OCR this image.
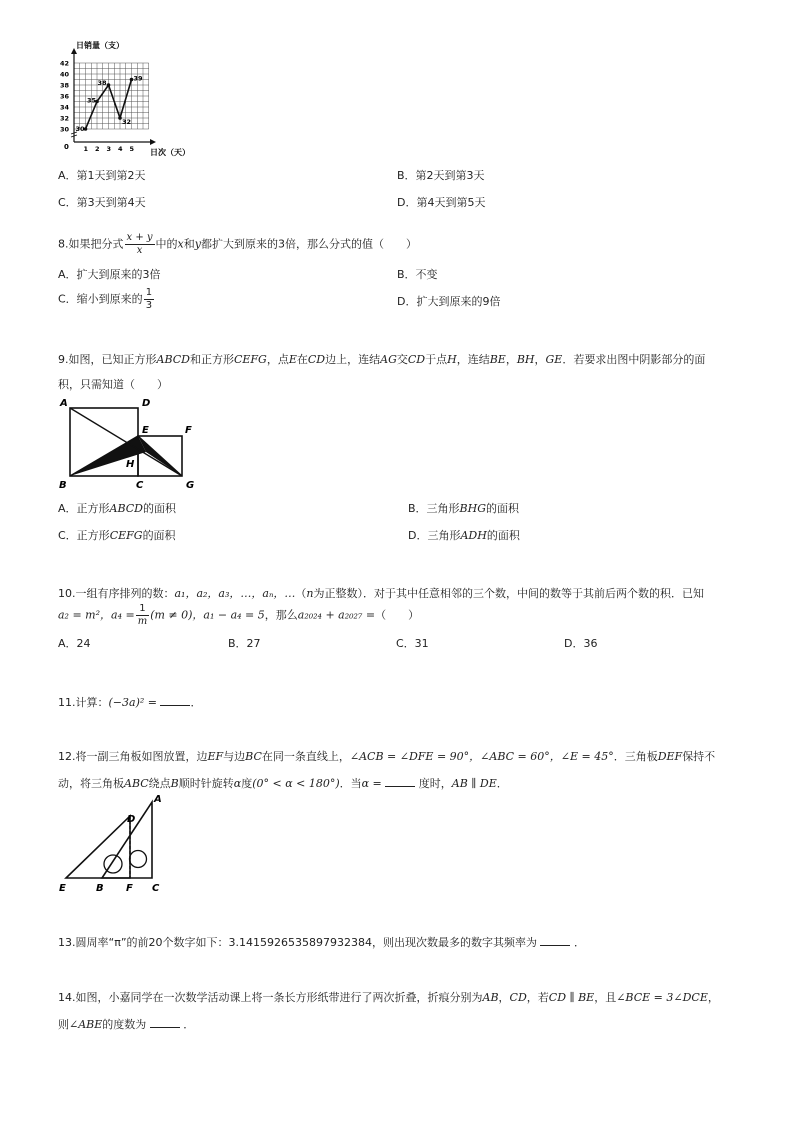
30
32
34
36
38
40
42
1 2 3 4 5
30
35
38
32
39
日销量（支）
日次（天）
0
A．第1天到第2天	B．第2天到第3天
C．第3天到第4天	D．第4天到第5天
8.如果把分式 $\frac{x + y}{x}$ 中的x和y都扩大到原来的3倍，那么分式的值（　　）
A．扩大到原来的3倍	B．不变
C．缩小到原来的 $\frac{1}{3}$	D．扩大到原来的9倍
9.如图，已知正方形ABCD和正方形CEFG，点E在CD边上，连结AG交CD于点H，连结BE，BH，GE．若要求出图中阴影部分的面
积，只需知道（　　）
A	D
E	F
H
B	C	G
A．正方形ABCD的面积	B．三角形BHG的面积
C．正方形CEFG的面积	D．三角形ADH的面积
10.一组有序排列的数：a₁，a₂，a₃，…，aₙ，…（n为正整数）．对于其中任意相邻的三个数，中间的数等于其前后两个数的积．已知
a₂ = m²，$a_4 = \frac{1}{m} (m \ne 0)$，a₁ − a₄ = 5，那么a₂₀₂₄ + a₂₀₂₇ =（　　）
A．24	B．27	C．31	D．36
11.计算：(−3a)² =	．
12.将一副三角板如图放置，边EF与边BC在同一条直线上，∠ACB = ∠DFE = 90°，∠ABC = 60°，∠E = 45°．三角板DEF保持不
动，将三角板ABC绕点B顺时针旋转α度(0° < α < 180°)．当α =	度时，AB ∥ DE．
A
D
E	B F C
13.圆周率“π”的前20个数字如下：3.1415926535897932384，则出现次数最多的数字其频率为	．
14.如图，小嘉同学在一次数学活动课上将一条长方形纸带进行了两次折叠，折痕分别为AB，CD，若CD ∥ BE，且∠BCE = 3∠DCE，
则∠ABE的度数为	．
